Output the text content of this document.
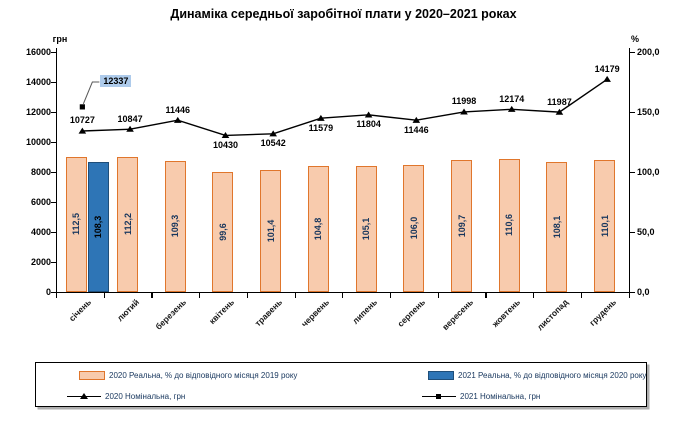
Динаміка середньої заробітної плати у 2020–2021 роках
грн	%
0
2000
4000
6000
8000
10000
12000
14000
16000
0,0
50,0
100,0
150,0
200,0
січень	лютий	березень	квітень	травень	червень	липень	серпень	вересень	жовтень	листопад	грудень
112,5 108,3 112,2	109,3	99,6	101,4	104,8	105,1	106,0	109,7	110,6	108,1	110,1
10727	10847
11446
10430	10542
11579	11804
11446
11998	12174	11987
14179
12337
2020 Реальна, % до відповідного місяця 2019 року	2021 Реальна, % до відповідного місяця 2020 року
2020 Номінальна, грн	2021 Номінальна, грн
